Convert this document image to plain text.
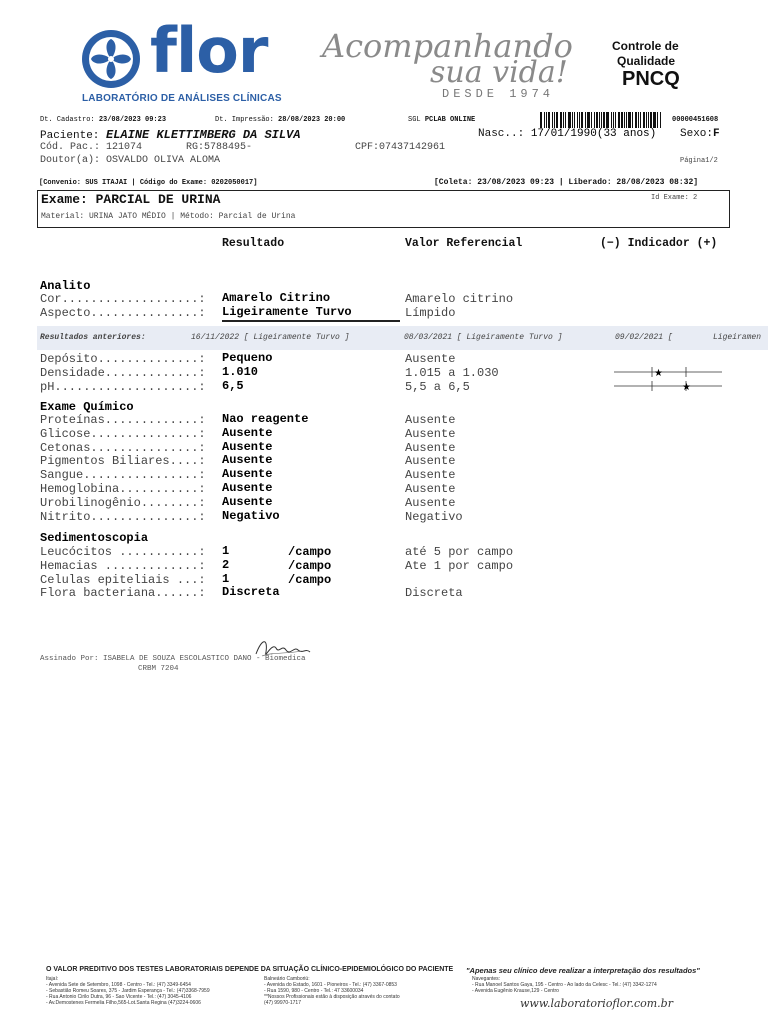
flor
LABORATÓRIO DE ANÁLISES CLÍNICAS
Acompanhando
sua vida!
DESDE 1974
Controle de
Qualidade
PNCQ
Dt. Cadastro: 23/08/2023 09:23	Dt. Impressão: 28/08/2023 20:00	SGL PCLAB ONLINE	00000451608
Paciente: ELAINE KLETTIMBERG DA SILVA	Nasc..: 17/01/1990(33 anos) Sexo:F
Cód. Pac.: 121074	RG:5788495-	CPF:07437142961
Doutor(a): OSVALDO OLIVA ALOMA	Página1/2
[Convenio: SUS ITAJAI | Código do Exame: 0202050017]	[Coleta: 23/08/2023 09:23 | Liberado: 28/08/2023 08:32]
Exame: PARCIAL DE URINA	Id Exame: 2
Material: URINA JATO MÉDIO | Método: Parcial de Urina
Resultado	Valor Referencial	(−) Indicador (+)
Analito
Cor...................: Amarelo Citrino	Amarelo citrino
Aspecto...............: Ligeiramente Turvo	Límpido
Resultados anteriores:	16/11/2022 [ Ligeiramente Turvo ]	08/03/2021 [ Ligeiramente Turvo ]	09/02/2021 [	Ligeiramen
Depósito..............: Pequeno	Ausente
Densidade.............: 1.010	1.015 a 1.030
pH....................: 6,5	5,5 a 6,5
★
★
Exame Químico
Proteínas.............: Nao reagente	Ausente
Glicose...............: Ausente	Ausente
Cetonas...............: Ausente	Ausente
Pigmentos Biliares....: Ausente	Ausente
Sangue................: Ausente	Ausente
Hemoglobina...........: Ausente	Ausente
Urobilinogênio........: Ausente	Ausente
Nitrito...............: Negativo	Negativo
Sedimentoscopia
Leucócitos ...........: 1	/campo	até 5 por campo
Hemacias .............: 2	/campo	Ate 1 por campo
Celulas epiteliais ...: 1	/campo
Flora bacteriana......: Discreta	Discreta
Assinado Por: ISABELA DE SOUZA ESCOLASTICO DANO - Biomedica
CRBM 7204
O VALOR PREDITIVO DOS TESTES LABORATORIAIS DEPENDE DA SITUAÇÃO CLÍNICO-EPIDEMIOLÓGICO DO PACIENTE "Apenas seu clínico deve realizar a interpretação dos resultados"
Itajaí:
- Avenida Sete de Setembro, 1098 - Centro - Tel.: (47) 3349-6454
- Sebastião Romeu Soares, 375 - Jardim Esperança - Tel.: (47)3368-7959
- Rua Antonio Cirilo Dutra, 96 - Sao Vicente - Tel.: (47) 3045-4106
- Av.Demostenes Fermelia Filho,565-Lot.Santa Regina (47)3224-0606
Balneário Camboriú:
- Avenida do Estado, 1601 - Pioneiros - Tel.: (47) 3367-0853
- Rua 1590, 980 - Centro - Tel.: 47 33600034
**Nossos Profissionais estão à disposição através do contato
(47) 99970-1717
Navegantes:
- Rua Manoel Santos Gaya, 195 - Centro - Ao lado da Celesc - Tel.: (47) 3342-1274
- Avenida Eugênio Krause,129 - Centro
www.laboratorioflor.com.br
